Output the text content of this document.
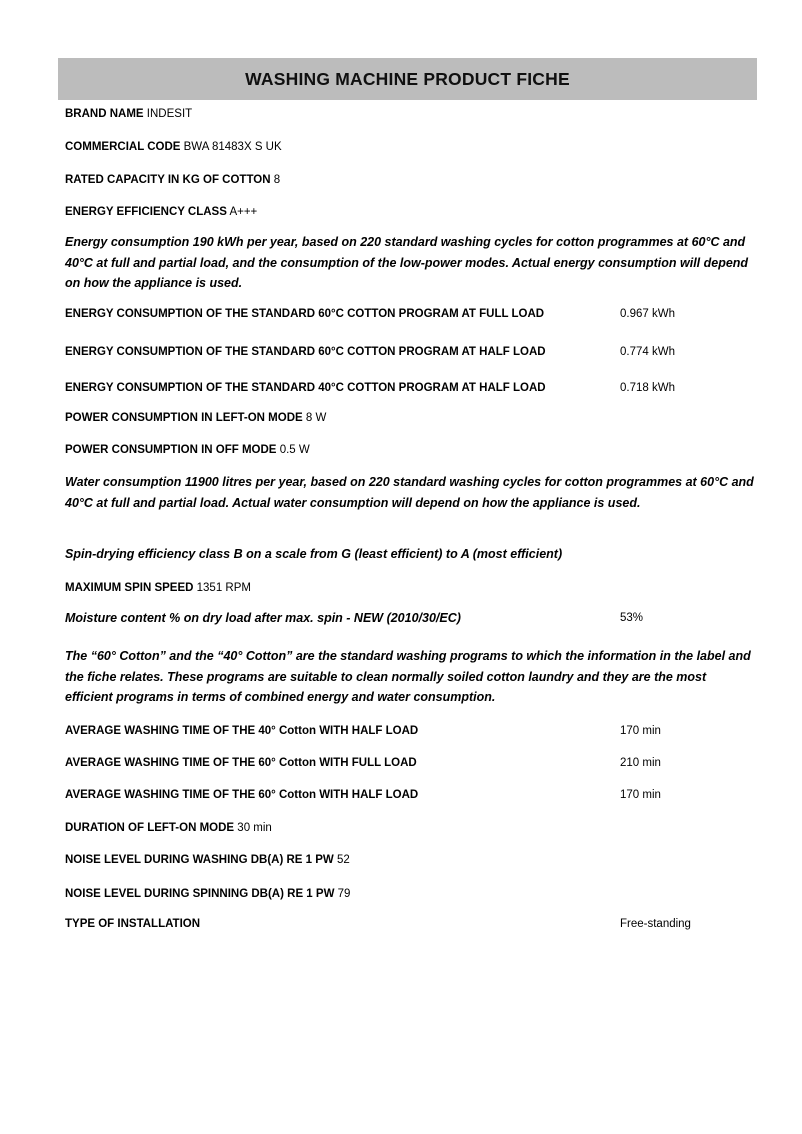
WASHING MACHINE PRODUCT FICHE
BRAND NAME INDESIT
COMMERCIAL CODE BWA 81483X S UK
RATED CAPACITY IN KG OF COTTON 8
ENERGY EFFICIENCY CLASS A+++
Energy consumption 190 kWh per year, based on 220 standard washing cycles for cotton programmes at 60°C and 40°C at full and partial load, and the consumption of the low-power modes. Actual energy consumption will depend on how the appliance is used.
ENERGY CONSUMPTION OF THE STANDARD 60°C COTTON PROGRAM AT FULL LOAD	0.967 kWh
ENERGY CONSUMPTION OF THE STANDARD 60°C COTTON PROGRAM AT HALF LOAD	0.774 kWh
ENERGY CONSUMPTION OF THE STANDARD 40°C COTTON PROGRAM AT HALF LOAD	0.718 kWh
POWER CONSUMPTION IN LEFT-ON MODE 8 W
POWER CONSUMPTION IN OFF MODE 0.5 W
Water consumption 11900 litres per year, based on 220 standard washing cycles for cotton programmes at 60°C and 40°C at full and partial load. Actual water consumption will depend on how the appliance is used.
Spin-drying efficiency class B on a scale from G (least efficient) to A (most efficient)
MAXIMUM SPIN SPEED 1351 RPM
Moisture content % on dry load after max. spin - NEW (2010/30/EC)	53%
The “60° Cotton” and the “40° Cotton” are the standard washing programs to which the information in the label and the fiche relates. These programs are suitable to clean normally soiled cotton laundry and they are the most efficient programs in terms of combined energy and water consumption.
AVERAGE WASHING TIME OF THE 40° Cotton WITH HALF LOAD	170 min
AVERAGE WASHING TIME OF THE 60° Cotton WITH FULL LOAD	210 min
AVERAGE WASHING TIME OF THE 60° Cotton WITH HALF LOAD	170 min
DURATION OF LEFT-ON MODE 30 min
NOISE LEVEL DURING WASHING DB(A) RE 1 PW 52
NOISE LEVEL DURING SPINNING DB(A) RE 1 PW 79
TYPE OF INSTALLATION	Free-standing
